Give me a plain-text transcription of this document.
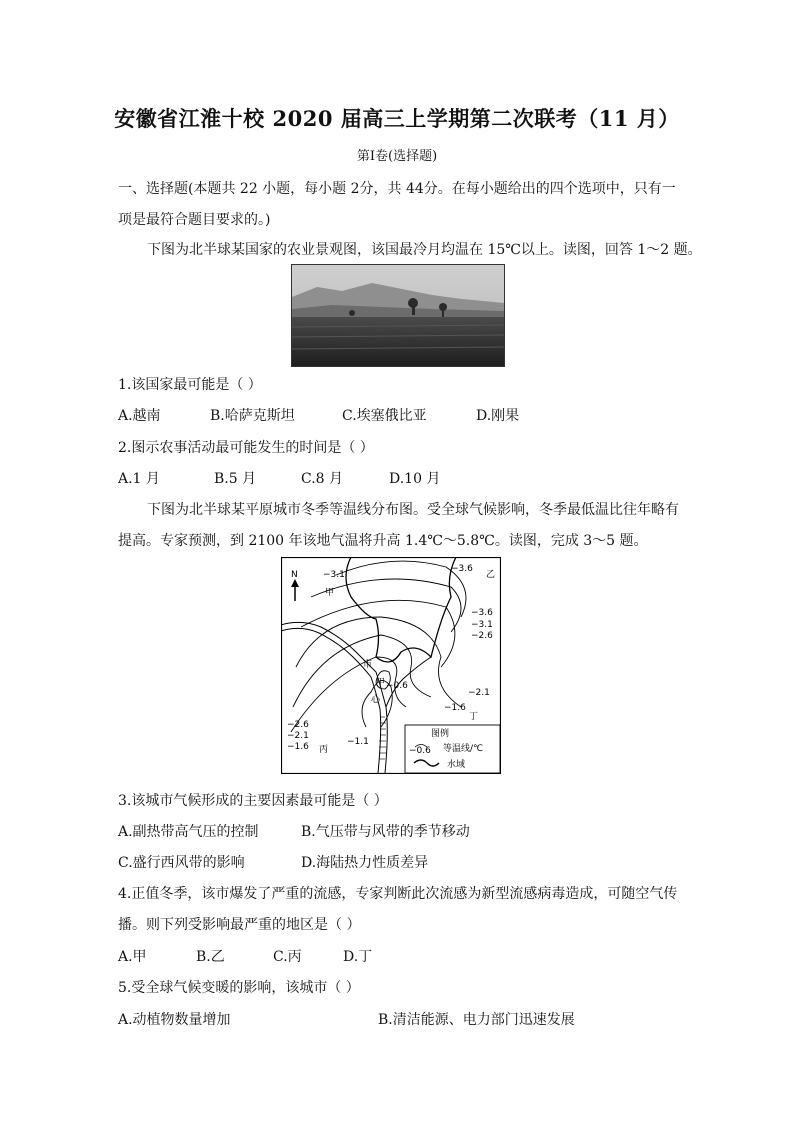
安徽省江淮十校 2020 届高三上学期第二次联考（11 月）
第Ⅰ卷(选择题)
一、选择题(本题共 22 小题，每小题 2分，共 44分。在每小题给出的四个选项中，只有一
项是最符合题目要求的。)
下图为北半球某国家的农业景观图，该国最冷月均温在 15℃以上。读图，回答 1～2 题。
1.该国家最可能是（ ）
A.越南	B.哈萨克斯坦	C.埃塞俄比亚	D.刚果
2.图示农事活动最可能发生的时间是（ ）
A.1 月	B.5 月	C.8 月	D.10 月
下图为北半球某平原城市冬季等温线分布图。受全球气候影响，冬季最低温比往年略有
提高。专家预测，到 2100 年该地气温将升高 1.4℃～5.8℃。读图，完成 3～5 题。
N
甲
乙
丙
丁
市
甲
心
−3.1
−3.6
−3.6
−3.1
−2.6
−2.1
−1.6
−0.6
−2.6
−2.1
−1.6	−1.1
图例
−0.6 等温线/℃
水域
3.该城市气候形成的主要因素最可能是（ ）
A.副热带高气压的控制	B.气压带与风带的季节移动
C.盛行西风带的影响	D.海陆热力性质差异
4.正值冬季，该市爆发了严重的流感，专家判断此次流感为新型流感病毒造成，可随空气传
播。则下列受影响最严重的地区是（ ）
A.甲	B.乙	C.丙	D.丁
5.受全球气候变暖的影响，该城市（ ）
A.动植物数量增加	B.清洁能源、电力部门迅速发展
